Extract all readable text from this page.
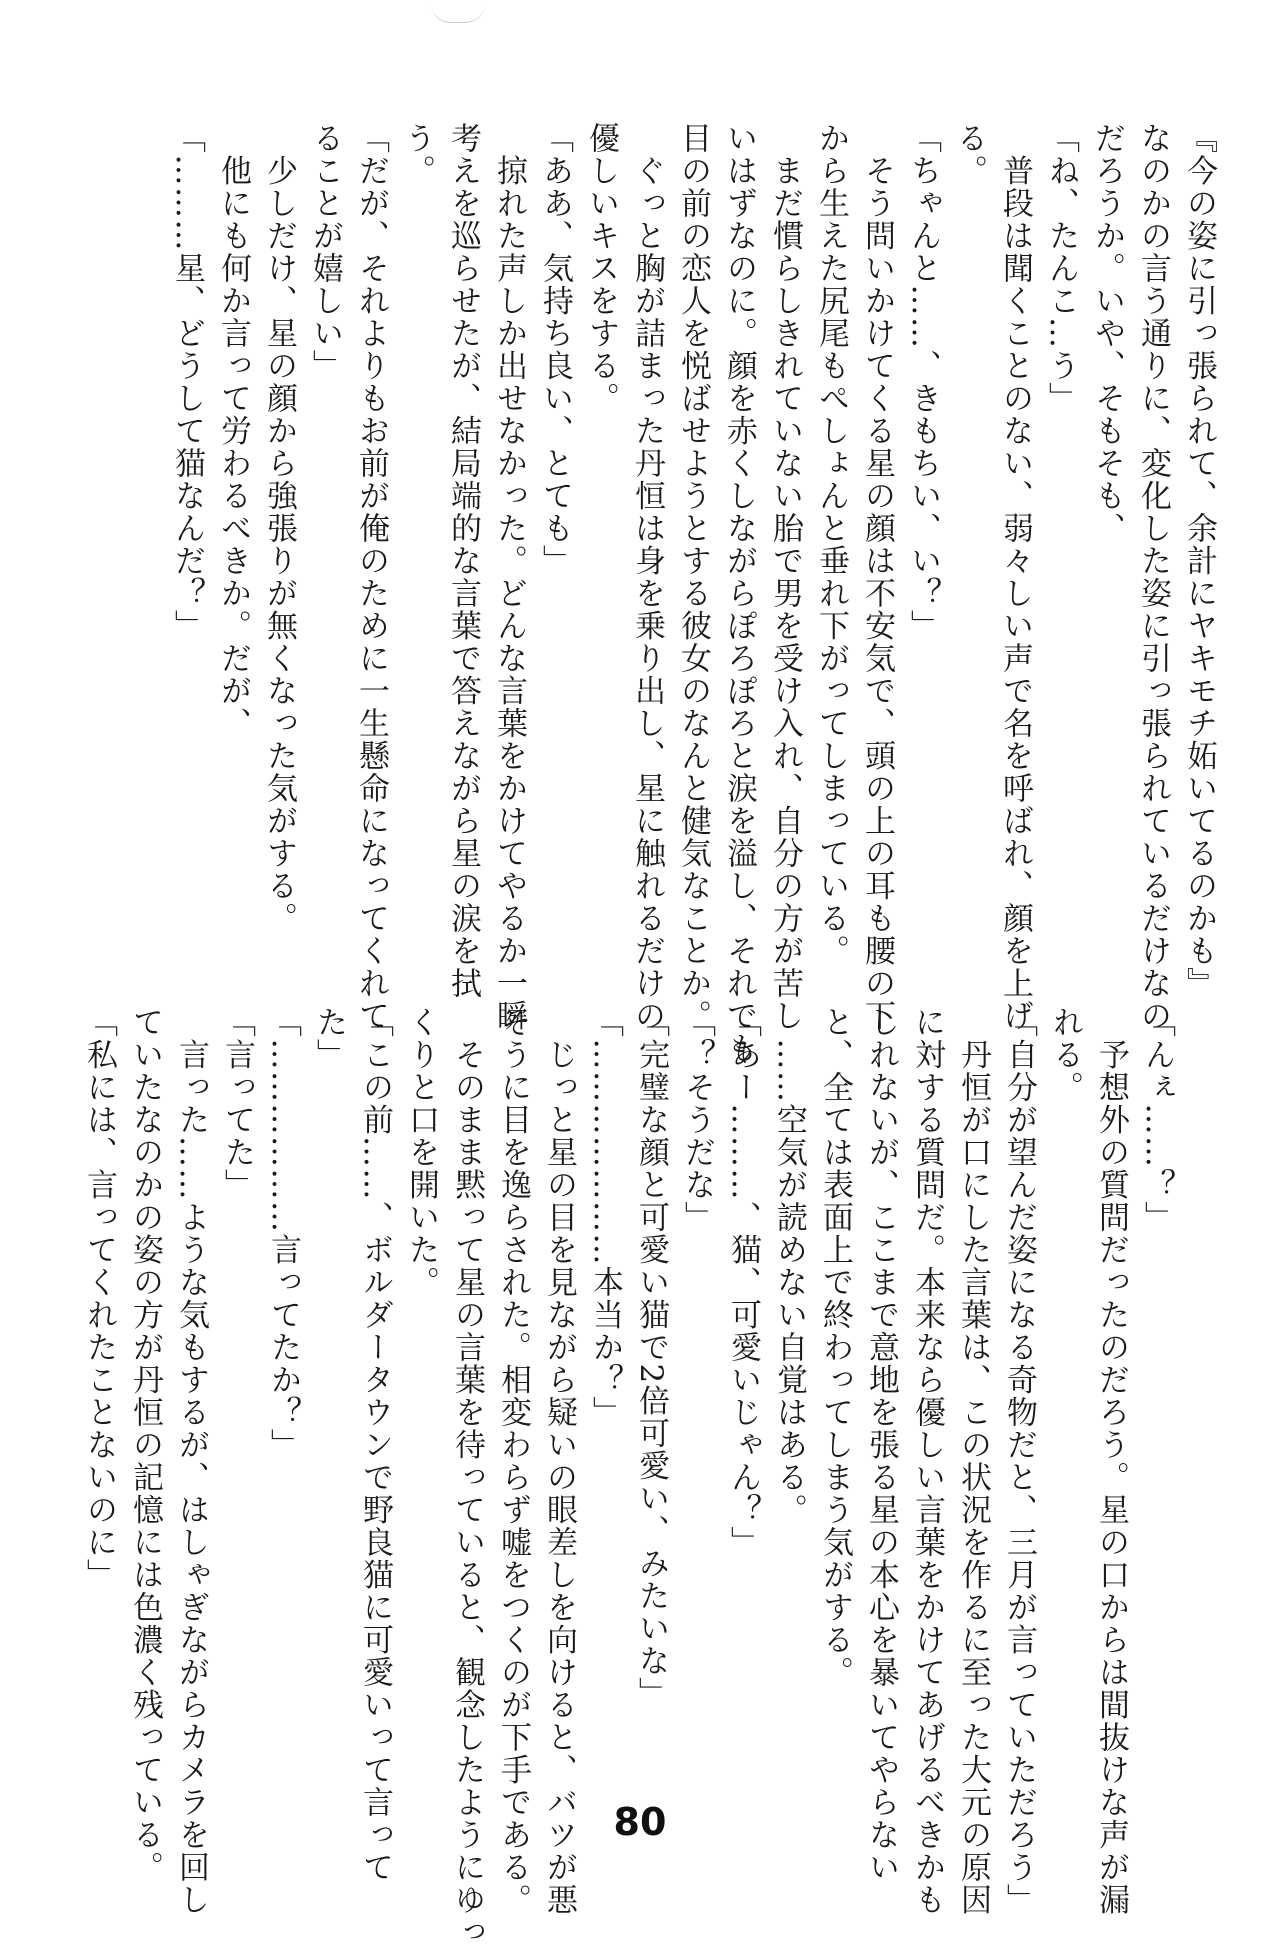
『今の姿に引っ張られて、余計にヤキモチ妬いてるのかも』

なのかの言う通りに、変化した姿に引っ張られているだけなの

だろうか。いや、そもそも、

「ね、たんこ…う」

　普段は聞くことのない、弱々しい声で名を呼ばれ、顔を上げ

る。

「ちゃんと……、きもちい、い？」

　そう問いかけてくる星の顔は不安気で、頭の上の耳も腰の下

から生えた尻尾もぺしょんと垂れ下がってしまっている。

　まだ慣らしきれていない胎で男を受け入れ、自分の方が苦し

いはずなのに。顔を赤くしながらぽろぽろと涙を溢し、それでも

目の前の恋人を悦ばせようとする彼女のなんと健気なことか。

　ぐっと胸が詰まった丹恒は身を乗り出し、星に触れるだけの

優しいキスをする。

「ああ、気持ち良い、とても」

　掠れた声しか出せなかった。どんな言葉をかけてやるか一瞬

考えを巡らせたが、結局端的な言葉で答えながら星の涙を拭

う。

「だが、それよりもお前が俺のために一生懸命になってくれて

ることが嬉しい」

　少しだけ、星の顔から強張りが無くなった気がする。

　他にも何か言って労わるべきか。だが、

「………星、どうして猫なんだ？」

「んぇ……？」

　予想外の質問だったのだろう。星の口からは間抜けな声が漏

れる。

「自分が望んだ姿になる奇物だと、三月が言っていただろう」

　丹恒が口にした言葉は、この状況を作るに至った大元の原因

に対する質問だ。本来なら優しい言葉をかけてあげるべきかも

しれないが、ここまで意地を張る星の本心を暴いてやらない

と、全ては表面上で終わってしまう気がする。

　……空気が読めない自覚はある。

「あー………、猫、可愛いじゃん？」

「？そうだな」

「完璧な顔と可愛い猫で2倍可愛い、みたいな」

「…………………本当か？」

　じっと星の目を見ながら疑いの眼差しを向けると、バツが悪

そうに目を逸らされた。相変わらず嘘をつくのが下手である。

　そのまま黙って星の言葉を待っていると、観念したようにゆっ

くりと口を開いた。

「この前……、ボルダータウンで野良猫に可愛いって言って

た」

「………………言ってたか？」

「言ってた」

　言った……ような気もするが、はしゃぎながらカメラを回し

ていたなのかの姿の方が丹恒の記憶には色濃く残っている。

「私には、言ってくれたことないのに」

80
